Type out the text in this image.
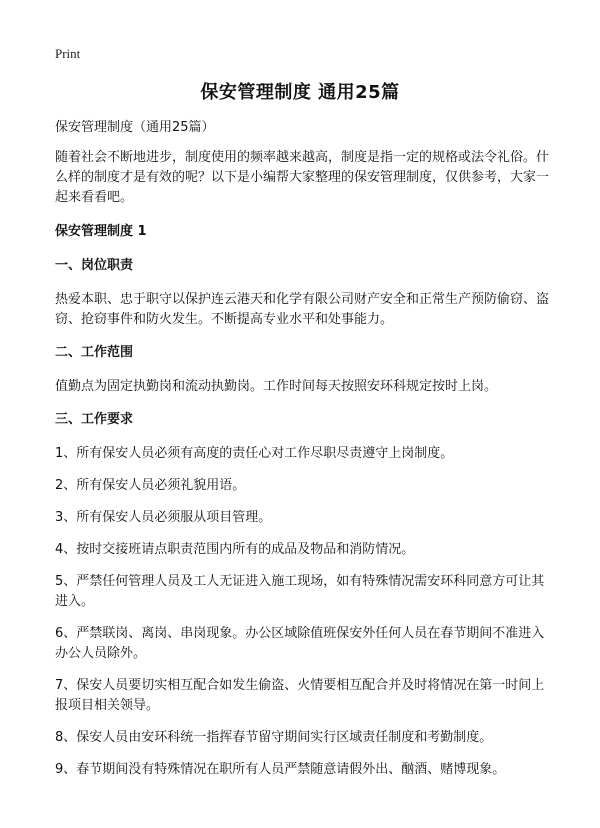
Print
保安管理制度 通用25篇

保安管理制度（通用25篇）

随着社会不断地进步，制度使用的频率越来越高，制度是指一定的规格或法令礼俗。什么样的制度才是有效的呢？以下是小编帮大家整理的保安管理制度，仅供参考，大家一起来看看吧。

保安管理制度 1

一、岗位职责

热爱本职、忠于职守以保护连云港天和化学有限公司财产安全和正常生产预防偷窃、盗窃、抢窃事件和防火发生。不断提高专业水平和处事能力。

二、工作范围

值勤点为固定执勤岗和流动执勤岗。工作时间每天按照安环科规定按时上岗。

三、工作要求

1、所有保安人员必须有高度的责任心对工作尽职尽责遵守上岗制度。

2、所有保安人员必须礼貌用语。

3、所有保安人员必须服从项目管理。

4、按时交接班请点职责范围内所有的成品及物品和消防情况。

5、严禁任何管理人员及工人无证进入施工现场，如有特殊情况需安环科同意方可让其进入。

6、严禁联岗、离岗、串岗现象。办公区域除值班保安外任何人员在春节期间不准进入办公人员除外。

7、保安人员要切实相互配合如发生偷盗、火情要相互配合并及时将情况在第一时间上报项目相关领导。

8、保安人员由安环科统一指挥春节留守期间实行区域责任制度和考勤制度。

9、春节期间没有特殊情况在职所有人员严禁随意请假外出、酗酒、赌博现象。
